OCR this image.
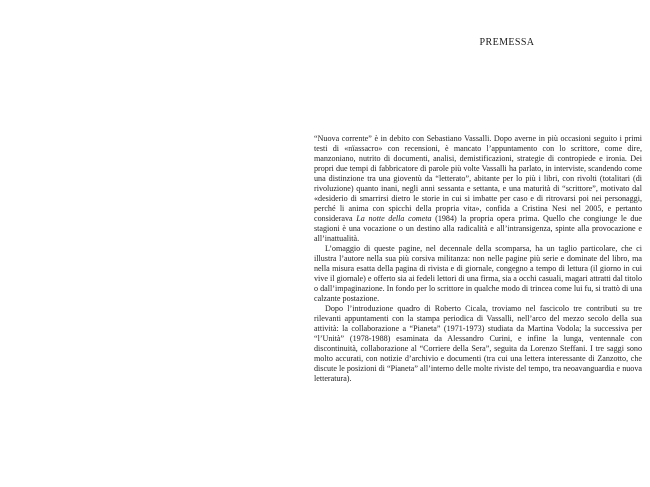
PREMESSA

“Nuova corrente” è in debito con Sebastiano Vassalli. Dopo averne in più occasioni seguito i primi testi di «nïassacro» con recensioni, è mancato l’appuntamento con lo scrittore, come dire, manzoniano, nutrito di documenti, analisi, demistificazioni, strategie di contropiede e ironia. Dei propri due tempi di fabbricatore di parole più volte Vassalli ha parlato, in interviste, scandendo come una distinzione tra una gioventù da “letterato”, abitante per lo più i libri, con rivolti (totalitari (di rivoluzione) quanto inani, negli anni sessanta e settanta, e una maturità di “scrittore”, motivato dal «desiderio di smarrirsi dietro le storie in cui si imbatte per caso e di ritrovarsi poi nei personaggi, perché li anima con spicchi della propria vita», confida a Cristina Nesi nel 2005, e pertanto considerava La notte della cometa (1984) la propria opera prima. Quello che congiunge le due stagioni è una vocazione o un destino alla radicalità e all’intransigenza, spinte alla provocazione e all’inattualità.

L’omaggio di queste pagine, nel decennale della scomparsa, ha un taglio particolare, che ci illustra l’autore nella sua più corsiva militanza: non nelle pagine più serie e dominate del libro, ma nella misura esatta della pagina di rivista e di giornale, congegno a tempo di lettura (il giorno in cui vive il giornale) e offerto sia ai fedeli lettori di una firma, sia a occhi casuali, magari attratti dal titolo o dall’impaginazione. In fondo per lo scrittore in qualche modo di trincea come lui fu, si trattò di una calzante postazione.

Dopo l’introduzione quadro di Roberto Cicala, troviamo nel fascicolo tre contributi su tre rilevanti appuntamenti con la stampa periodica di Vassalli, nell’arco del mezzo secolo della sua attività: la collaborazione a “Pianeta” (1971-1973) studiata da Martina Vodola; la successiva per “l’Unità” (1978-1988) esaminata da Alessandro Curini, e infine la lunga, ventennale con discontinuità, collaborazione al “Corriere della Sera”, seguita da Lorenzo Steffani. I tre saggi sono molto accurati, con notizie d’archivio e documenti (tra cui una lettera interessante di Zanzotto, che discute le posizioni di “Pianeta” all’interno delle molte riviste del tempo, tra neoavanguardia e nuova letteratura).
